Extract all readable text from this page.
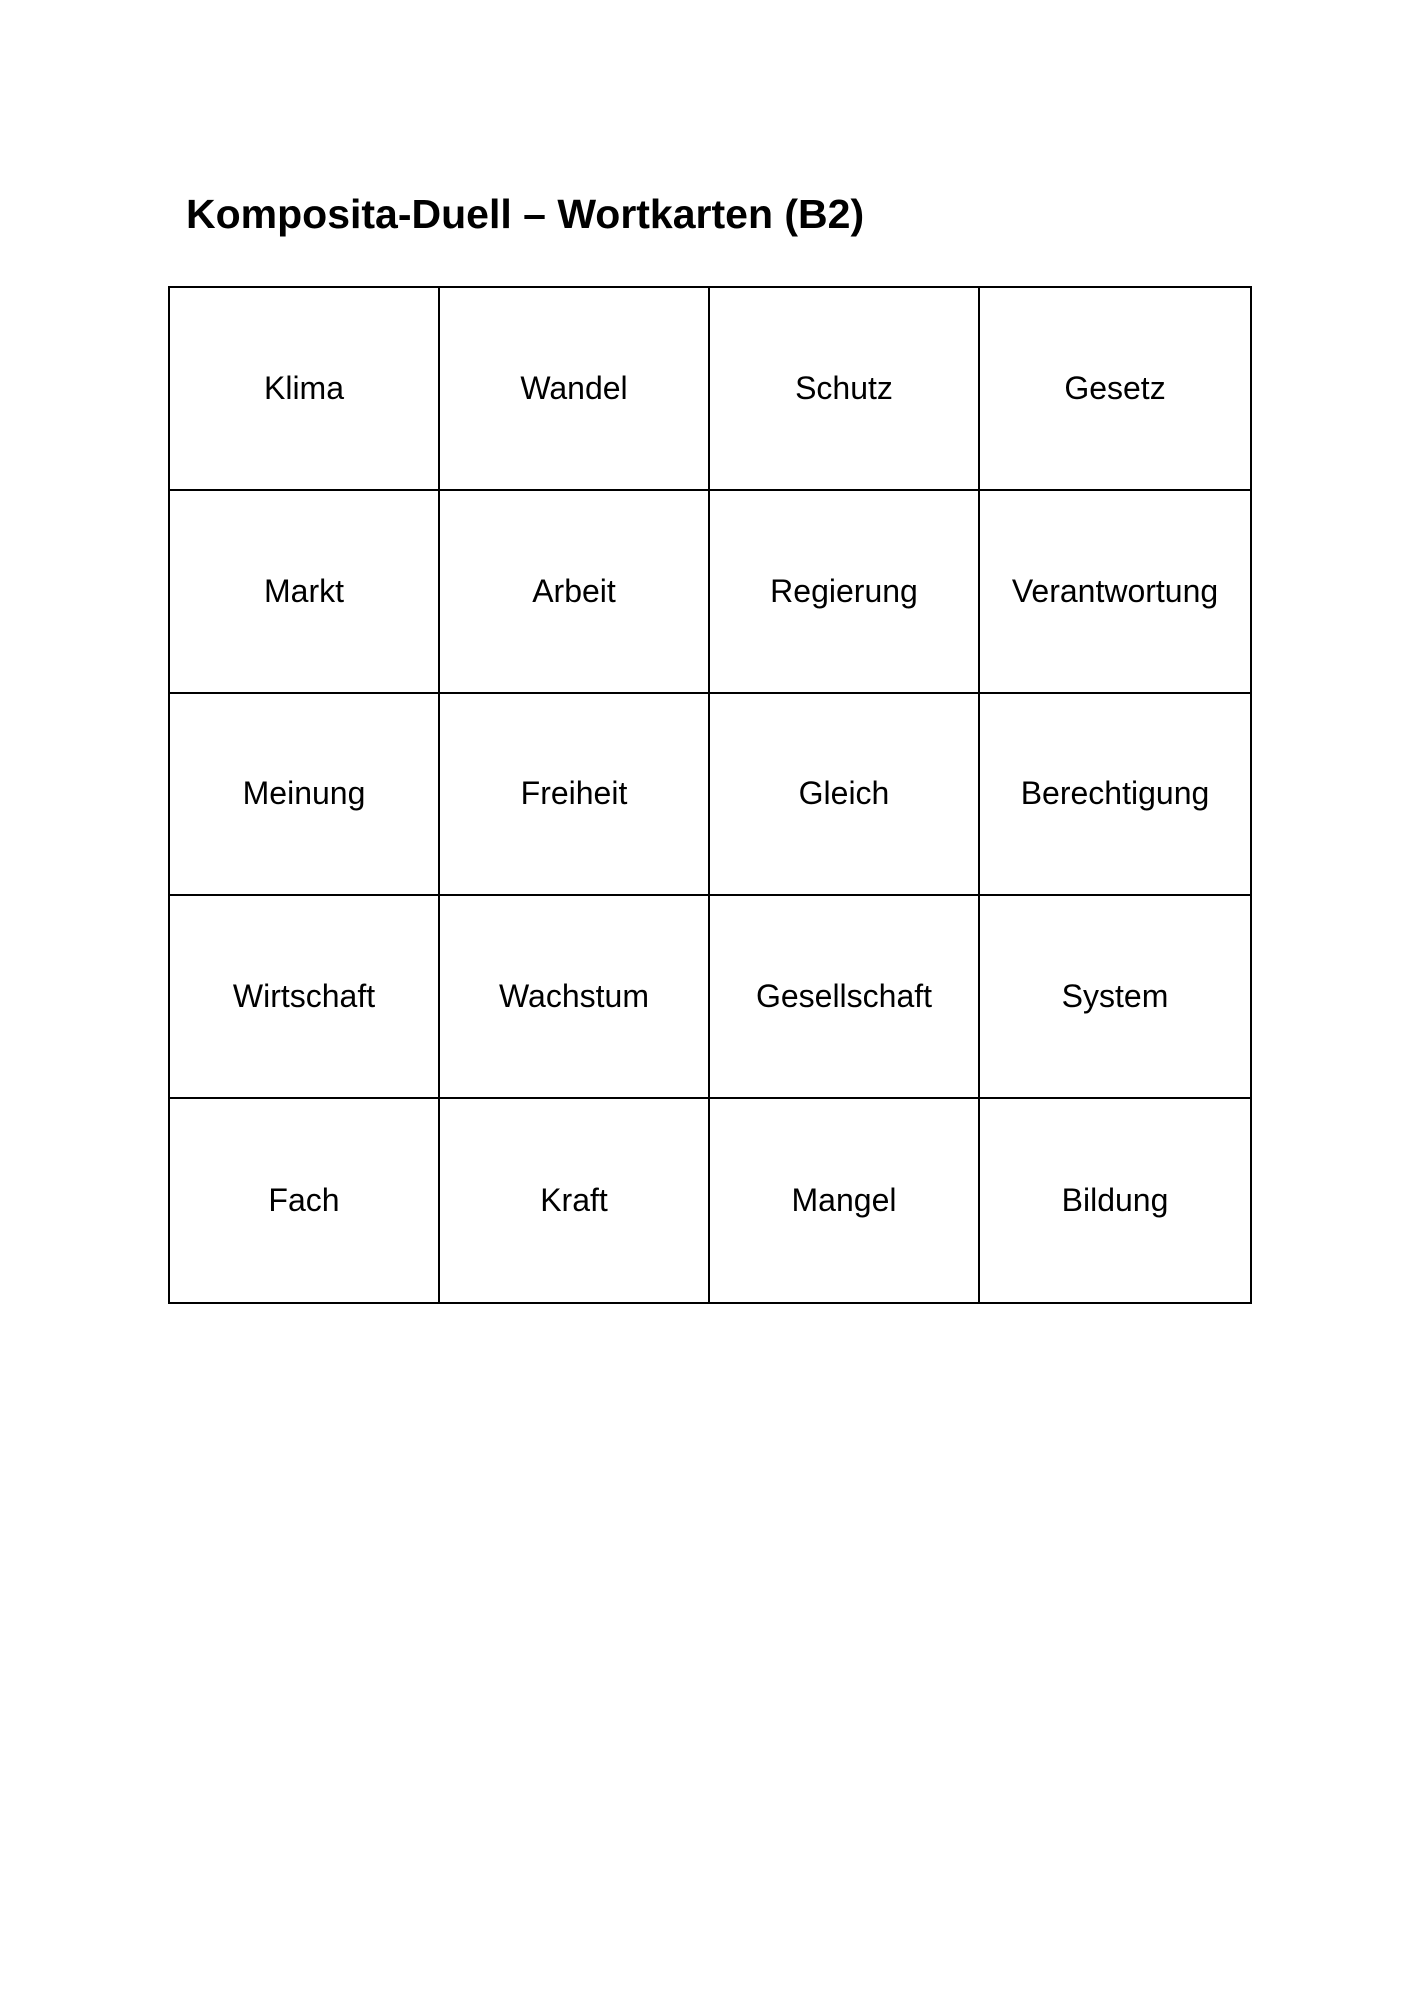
Komposita-Duell – Wortkarten (B2)
Klima	Wandel	Schutz	Gesetz
Markt	Arbeit	Regierung	Verantwortung
Meinung	Freiheit	Gleich	Berechtigung
Wirtschaft	Wachstum	Gesellschaft	System
Fach	Kraft	Mangel	Bildung
